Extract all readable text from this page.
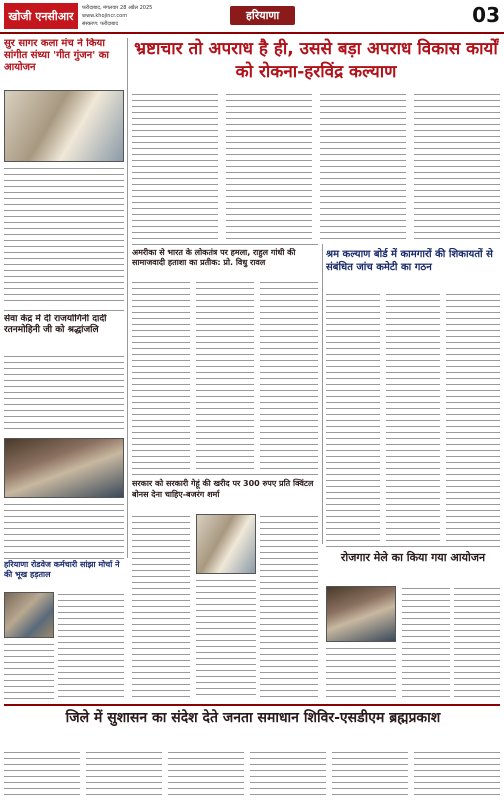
खोजी एनसीआर
फरीदाबाद, मंगलवार 28 अप्रैल 2025
www.khojincr.com
संस्करण: फरीदाबाद
हरियाणा	03
सुर सागर कला मंच ने किया सांगीत संध्या 'गीत गुंजन' का आयोजन
भ्रष्टाचार तो अपराध है ही, उससे बड़ा अपराध विकास कार्यों को रोकना-हरविंद्र कल्याण
सेवा केंद्र में दी राजयोगिनी दादी रतनमोहिनी जी को श्रद्धांजलि
अमरीका से भारत के लोकतंत्र पर हमला, राहुल गांधी की सामाजवादी हताशा का प्रतीक: प्रो. विधु रावल
श्रम कल्याण बोर्ड में कामगारों की शिकायतों से संबंधित जांच कमेटी का गठन
हरियाणा रोडवेज कर्मचारी सांझा मोर्चा ने की भूख हड़ताल
सरकार को सरकारी गेहूं की खरीद पर 300 रुपए प्रति क्विंटल बोनस देना चाहिए-बजरंग शर्मा
रोजगार मेले का किया गया आयोजन
जिले में सुशासन का संदेश देते जनता समाधान शिविर-एसडीएम ब्रह्मप्रकाश
